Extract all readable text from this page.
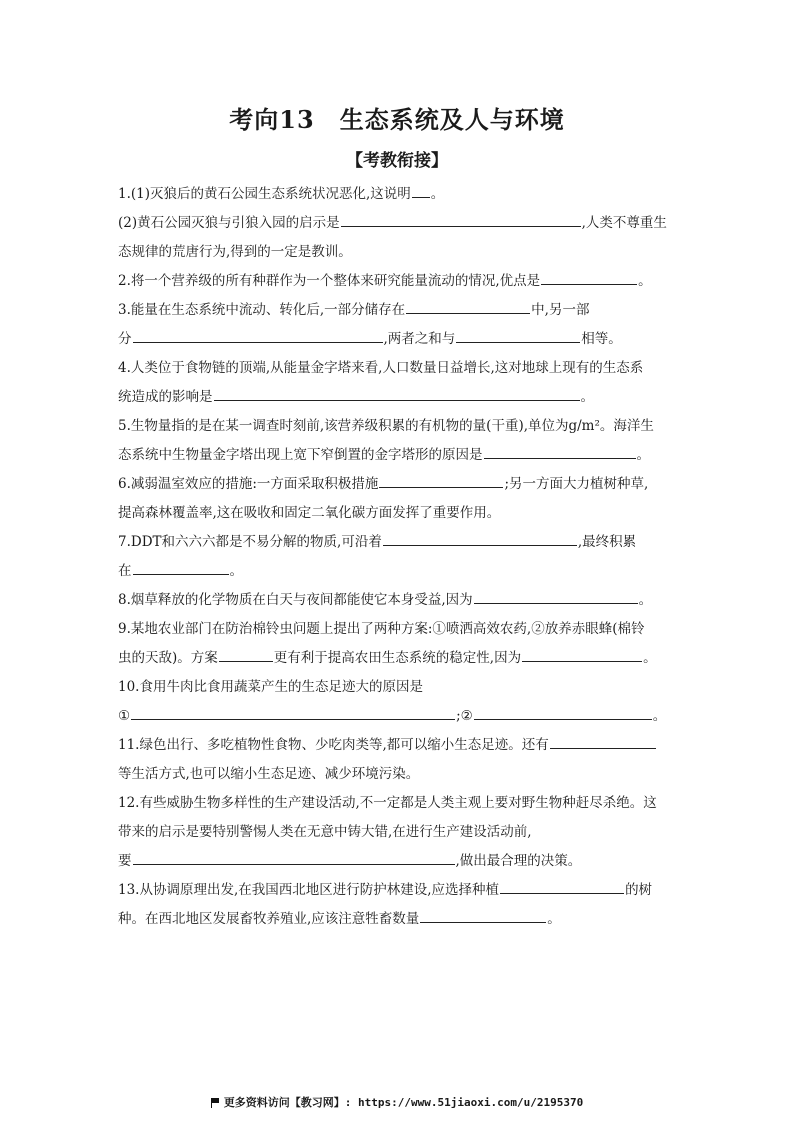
考向13　生态系统及人与环境
【考教衔接】
1.(1)灭狼后的黄石公园生态系统状况恶化,这说明 。
(2)黄石公园灭狼与引狼入园的启示是	,人类不尊重生
态规律的荒唐行为,得到的一定是教训。
2.将一个营养级的所有种群作为一个整体来研究能量流动的情况,优点是	。
3.能量在生态系统中流动、转化后,一部分储存在	中,另一部
分	,两者之和与	相等。
4.人类位于食物链的顶端,从能量金字塔来看,人口数量日益增长,这对地球上现有的生态系
统造成的影响是	。
5.生物量指的是在某一调查时刻前,该营养级积累的有机物的量(干重),单位为g/m²。海洋生
态系统中生物量金字塔出现上宽下窄倒置的金字塔形的原因是	。
6.减弱温室效应的措施:一方面采取积极措施	;另一方面大力植树种草,
提高森林覆盖率,这在吸收和固定二氧化碳方面发挥了重要作用。
7.DDT和六六六都是不易分解的物质,可沿着	,最终积累
在	。
8.烟草释放的化学物质在白天与夜间都能使它本身受益,因为	。
9.某地农业部门在防治棉铃虫问题上提出了两种方案:①喷洒高效农药,②放养赤眼蜂(棉铃
虫的天敌)。方案	更有利于提高农田生态系统的稳定性,因为	。
10.食用牛肉比食用蔬菜产生的生态足迹大的原因是
①	;②	。
11.绿色出行、多吃植物性食物、少吃肉类等,都可以缩小生态足迹。还有
等生活方式,也可以缩小生态足迹、减少环境污染。
12.有些威胁生物多样性的生产建设活动,不一定都是人类主观上要对野生物种赶尽杀绝。这
带来的启示是要特别警惕人类在无意中铸大错,在进行生产建设活动前,
要	,做出最合理的决策。
13.从协调原理出发,在我国西北地区进行防护林建设,应选择种植	的树
种。在西北地区发展畜牧养殖业,应该注意牲畜数量	。
更多资料访问【教习网】: https://www.51jiaoxi.com/u/2195370
